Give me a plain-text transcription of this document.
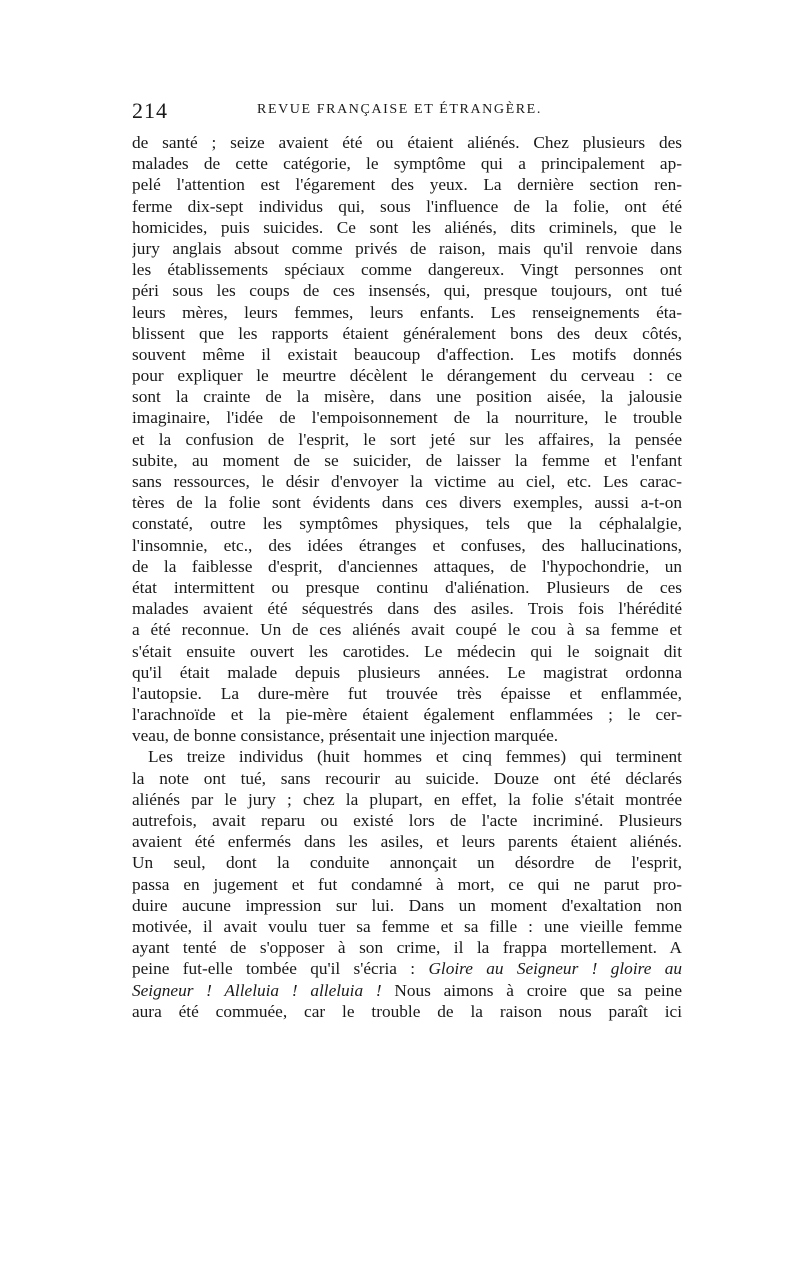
214	REVUE FRANÇAISE ET ÉTRANGÈRE.
de santé ; seize avaient été ou étaient aliénés. Chez plusieurs des
malades de cette catégorie, le symptôme qui a principalement ap-
pelé l'attention est l'égarement des yeux. La dernière section ren-
ferme dix-sept individus qui, sous l'influence de la folie, ont été
homicides, puis suicides. Ce sont les aliénés, dits criminels, que le
jury anglais absout comme privés de raison, mais qu'il renvoie dans
les établissements spéciaux comme dangereux. Vingt personnes ont
péri sous les coups de ces insensés, qui, presque toujours, ont tué
leurs mères, leurs femmes, leurs enfants. Les renseignements éta-
blissent que les rapports étaient généralement bons des deux côtés,
souvent même il existait beaucoup d'affection. Les motifs donnés
pour expliquer le meurtre décèlent le dérangement du cerveau : ce
sont la crainte de la misère, dans une position aisée, la jalousie
imaginaire, l'idée de l'empoisonnement de la nourriture, le trouble
et la confusion de l'esprit, le sort jeté sur les affaires, la pensée
subite, au moment de se suicider, de laisser la femme et l'enfant
sans ressources, le désir d'envoyer la victime au ciel, etc. Les carac-
tères de la folie sont évidents dans ces divers exemples, aussi a-t-on
constaté, outre les symptômes physiques, tels que la céphalalgie,
l'insomnie, etc., des idées étranges et confuses, des hallucinations,
de la faiblesse d'esprit, d'anciennes attaques, de l'hypochondrie, un
état intermittent ou presque continu d'aliénation. Plusieurs de ces
malades avaient été séquestrés dans des asiles. Trois fois l'hérédité
a été reconnue. Un de ces aliénés avait coupé le cou à sa femme et
s'était ensuite ouvert les carotides. Le médecin qui le soignait dit
qu'il était malade depuis plusieurs années. Le magistrat ordonna
l'autopsie. La dure-mère fut trouvée très épaisse et enflammée,
l'arachnoïde et la pie-mère étaient également enflammées ; le cer-
veau, de bonne consistance, présentait une injection marquée.
Les treize individus (huit hommes et cinq femmes) qui terminent
la note ont tué, sans recourir au suicide. Douze ont été déclarés
aliénés par le jury ; chez la plupart, en effet, la folie s'était montrée
autrefois, avait reparu ou existé lors de l'acte incriminé. Plusieurs
avaient été enfermés dans les asiles, et leurs parents étaient aliénés.
Un seul, dont la conduite annonçait un désordre de l'esprit,
passa en jugement et fut condamné à mort, ce qui ne parut pro-
duire aucune impression sur lui. Dans un moment d'exaltation non
motivée, il avait voulu tuer sa femme et sa fille : une vieille femme
ayant tenté de s'opposer à son crime, il la frappa mortellement. A
peine fut-elle tombée qu'il s'écria : Gloire au Seigneur ! gloire au
Seigneur ! Alleluia ! alleluia ! Nous aimons à croire que sa peine
aura été commuée, car le trouble de la raison nous paraît ici
